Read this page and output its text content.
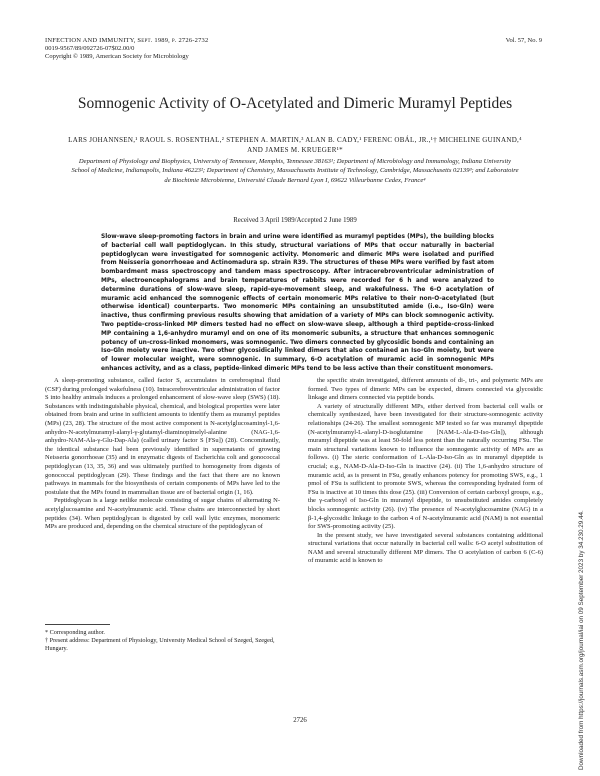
INFECTION AND IMMUNITY, Sept. 1989, p. 2726-2732
0019-9567/89/092726-07$02.00/0
Copyright © 1989, American Society for Microbiology
Vol. 57, No. 9
Somnogenic Activity of O-Acetylated and Dimeric Muramyl Peptides
LARS JOHANNSEN,¹ RAOUL S. ROSENTHAL,² STEPHEN A. MARTIN,³ ALAN B. CADY,¹ FERENC OBÁL, JR.,¹† MICHELINE GUINAND,⁴ AND JAMES M. KRUEGER¹*
Department of Physiology and Biophysics, University of Tennessee, Memphis, Tennessee 38163¹; Department of Microbiology and Immunology, Indiana University School of Medicine, Indianapolis, Indiana 46223²; Department of Chemistry, Massachusetts Institute of Technology, Cambridge, Massachusetts 02139³; and Laboratoire de Biochimie Microbienne, Université Claude Bernard Lyon I, 69622 Villeurbanne Cedex, France⁴
Received 3 April 1989/Accepted 2 June 1989
Slow-wave sleep-promoting factors in brain and urine were identified as muramyl peptides (MPs), the building blocks of bacterial cell wall peptidoglycan. In this study, structural variations of MPs that occur naturally in bacterial peptidoglycan were investigated for somnogenic activity. Monomeric and dimeric MPs were isolated and purified from Neisseria gonorrhoeae and Actinomadura sp. strain R39. The structures of these MPs were verified by fast atom bombardment mass spectroscopy and tandem mass spectroscopy. After intracerebroventricular administration of MPs, electroencephalograms and brain temperatures of rabbits were recorded for 6 h and were analyzed to determine durations of slow-wave sleep, rapid-eye-movement sleep, and wakefulness. The 6-O acetylation of muramic acid enhanced the somnogenic effects of certain monomeric MPs relative to their non-O-acetylated (but otherwise identical) counterparts. Two monomeric MPs containing an unsubstituted amide (i.e., Iso-Gln) were inactive, thus confirming previous results showing that amidation of a variety of MPs can block somnogenic activity. Two peptide-cross-linked MP dimers tested had no effect on slow-wave sleep, although a third peptide-cross-linked MP containing a 1,6-anhydro muramyl end on one of its monomeric subunits, a structure that enhances somnogenic potency of un-cross-linked monomers, was somnogenic. Two dimers connected by glycosidic bonds and containing an Iso-Gln moiety were inactive. Two other glycosidically linked dimers that also contained an Iso-Gln moiety, but were of lower molecular weight, were somnogenic. In summary, 6-O acetylation of muramic acid in somnogenic MPs enhances activity, and as a class, peptide-linked dimeric MPs tend to be less active than their constituent monomers.

A sleep-promoting substance, called factor S, accumulates in cerebrospinal fluid (CSF) during prolonged wakefulness (10). Intracerebroventricular administration of factor S into healthy animals induces a prolonged enhancement of slow-wave sleep (SWS) (18). Substances with indistinguishable physical, chemical, and biological properties were later obtained from brain and urine in sufficient amounts to identify them as muramyl peptides (MPs) (23, 28). The structure of the most active component is N-acetylglucosaminyl-1,6-anhydro-N-acetylmuramyl-alanyl-γ-glutamyl-diaminopimelyl-alanine (NAG-1,6-anhydro-NAM-Ala-γ-Glu-Dap-Ala) (called urinary factor S [FSu]) (28). Concomitantly, the identical substance had been previously identified in supernatants of growing Neisseria gonorrhoeae (35) and in enzymatic digests of Escherichia coli and gonococcal peptidoglycan (13, 35, 36) and was ultimately purified to homogeneity from digests of gonococcal peptidoglycan (29). These findings and the fact that there are no known pathways in mammals for the biosynthesis of certain components of MPs have led to the postulate that the MPs found in mammalian tissue are of bacterial origin (1, 16).

Peptidoglycan is a large netlike molecule consisting of sugar chains of alternating N-acetylglucosamine and N-acetylmuramic acid. These chains are interconnected by short peptides (34). When peptidoglycan is digested by cell wall lytic enzymes, monomeric MPs are produced and, depending on the chemical structure of the peptidoglycan of

the specific strain investigated, different amounts of di-, tri-, and polymeric MPs are formed. Two types of dimeric MPs can be expected, dimers connected via glycosidic linkage and dimers connected via peptide bonds.

A variety of structurally different MPs, either derived from bacterial cell walls or chemically synthesized, have been investigated for their structure-somnogenic activity relationships (24-26). The smallest somnogenic MP tested so far was muramyl dipeptide (N-acetylmuramyl-L-alanyl-D-isoglutamine [NAM-L-Ala-D-Iso-Gln]), although muramyl dipeptide was at least 50-fold less potent than the naturally occurring FSu. The main structural variations known to influence the somnogenic activity of MPs are as follows. (i) The steric conformation of L-Ala-D-Iso-Gln as in muramyl dipeptide is crucial; e.g., NAM-D-Ala-D-Iso-Gln is inactive (24). (ii) The 1,6-anhydro structure of muramic acid, as is present in FSu, greatly enhances potency for promoting SWS, e.g., 1 pmol of FSu is sufficient to promote SWS, whereas the corresponding hydrated form of FSu is inactive at 10 times this dose (25). (iii) Conversion of certain carboxyl groups, e.g., the γ-carboxyl of Iso-Gln in muramyl dipeptide, to unsubstituted amides completely blocks somnogenic activity (26). (iv) The presence of N-acetylglucosamine (NAG) in a β-1,4-glycosidic linkage to the carbon 4 of N-acetylmuramic acid (NAM) is not essential for SWS-promoting activity (25).

In the present study, we have investigated several substances containing additional structural variations that occur naturally in bacterial cell walls: 6-O acetyl substitution of NAM and several structurally different MP dimers. The O acetylation of carbon 6 (C-6) of muramic acid is known to

* Corresponding author.
† Present address: Department of Physiology, University Medical School of Szeged, Szeged, Hungary.
2726	Downloaded from https://journals.asm.org/journal/iai on 09 September 2023 by 34.230.29.44.
